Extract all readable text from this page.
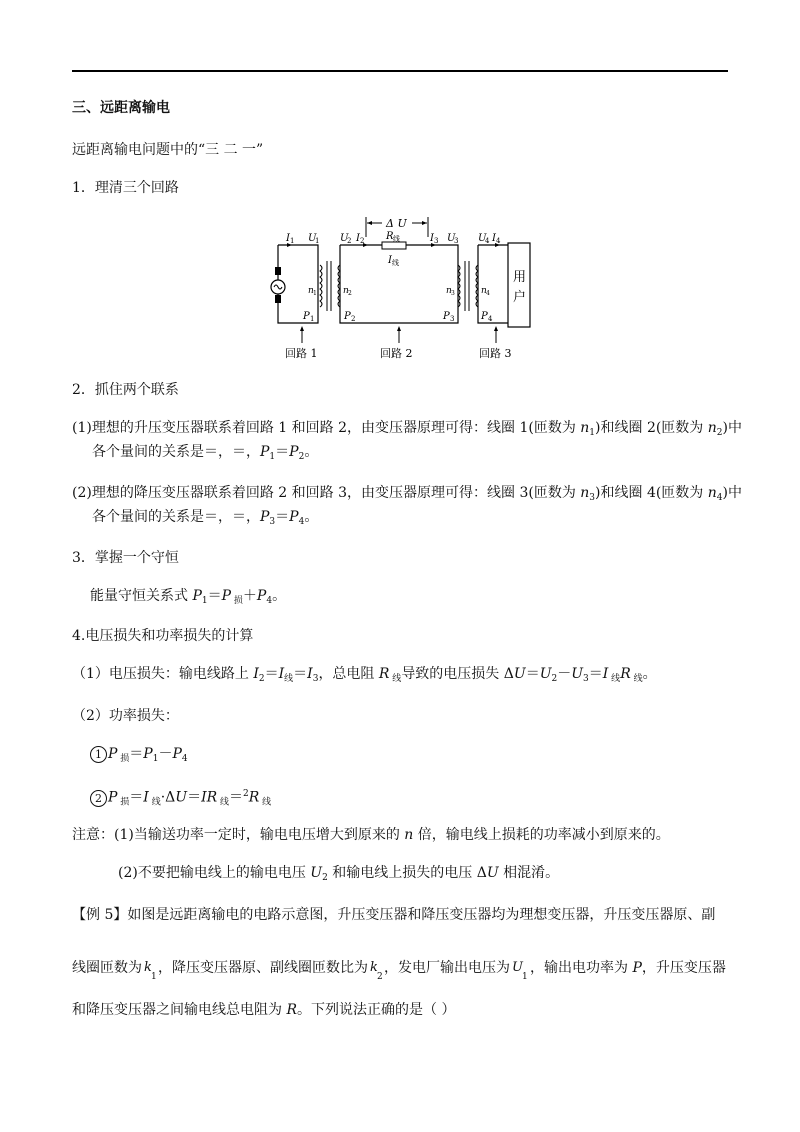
三、远距离输电
远距离输电问题中的“三 二 一”
1．理清三个回路
Δ U
用
户
I 1 U
1 U
2 I 2 R 线
I 线
I 3 U
3 U
4 I 4
n 1	n 2	n 3	n 4
P 1	P 2	P 3	P 4
回路 1	回路 2	回路 3
2．抓住两个联系
(1)理想的升压变压器联系着回路 1 和回路 2，由变压器原理可得：线圈 1(匝数为 $n_1$)和线圈 2(匝数为 $n_2$)中
各个量间的关系是＝，＝，$P_1=P_2$。
(2)理想的降压变压器联系着回路 2 和回路 3，由变压器原理可得：线圈 3(匝数为 $n_3$)和线圈 4(匝数为 $n_4$)中
各个量间的关系是＝，＝，$P_3=P_4$。
3．掌握一个守恒
能量守恒关系式 $P_1=P$ $_损+P_4$。
4.电压损失和功率损失的计算
（1）电压损失：输电线路上 $I_2=I_线=I_3$，总电阻 R $_线$导致的电压损失 $\Delta U=U_2-U_3=I$ $_线$R $_线$。
（2）功率损失：
1 P $_损=P_1-P_4$
2 P $_损$＝I $_线$·ΔU＝IR $_线$＝$^2$R $_线$
注意：(1)当输送功率一定时，输电电压增大到原来的 n 倍，输电线上损耗的功率减小到原来的。
(2)不要把输电线上的输电电压 $U_2$ 和输电线上损失的电压 ΔU 相混淆。
【例 5】如图是远距离输电的电路示意图，升压变压器和降压变压器均为理想变压器，升压变压器原、副
线圈匝数为 k
1
，降压变压器原、副线圈匝数比为 k
2
，发电厂输出电压为 U
1
，输出电功率为 P，升压变压器
和降压变压器之间输电线总电阻为 R。下列说法正确的是（ ）
